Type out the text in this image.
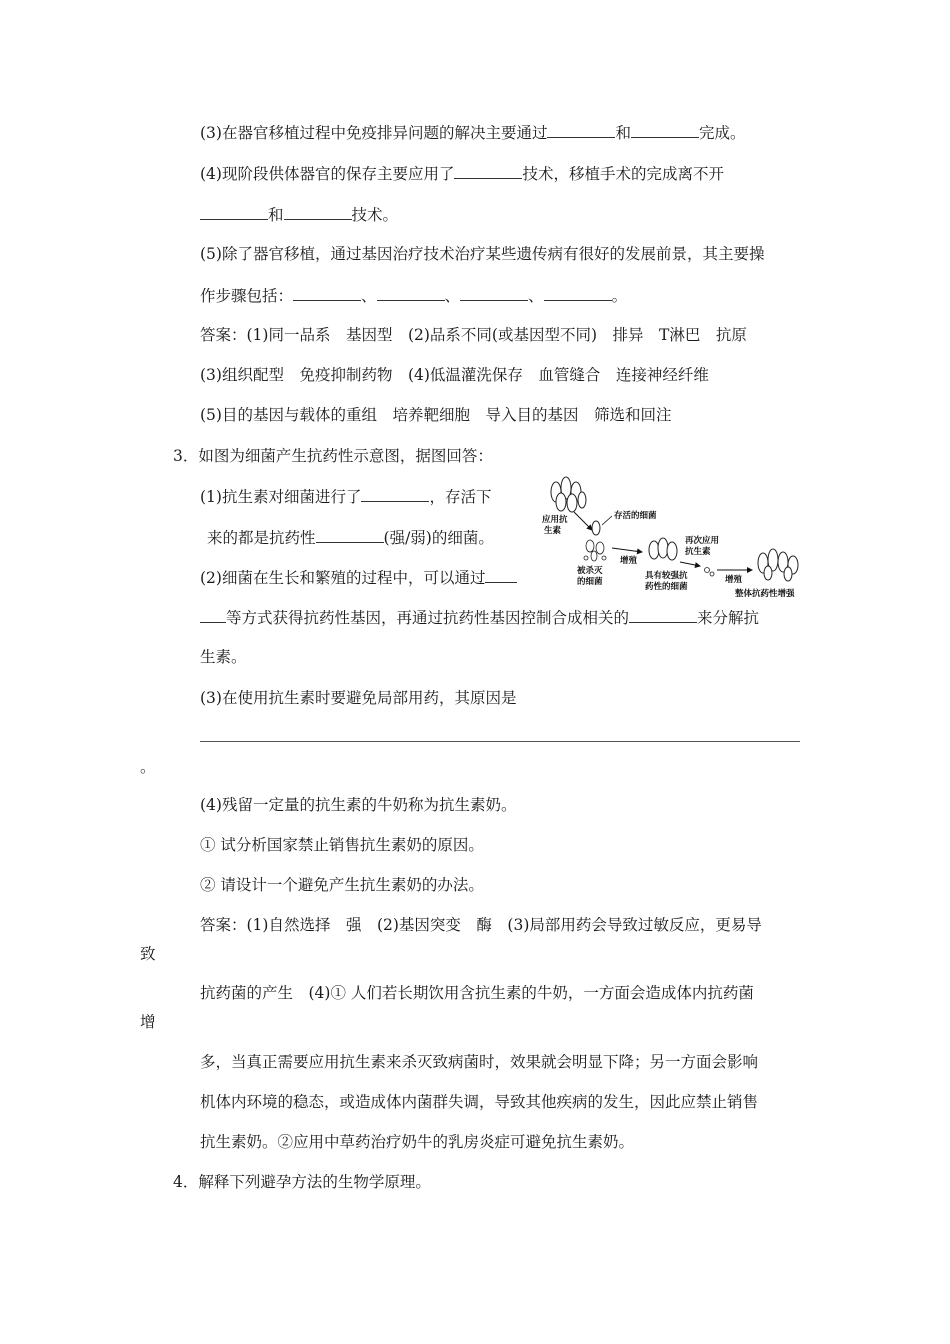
(3)在器官移植过程中免疫排异问题的解决主要通过	和	完成。
(4)现阶段供体器官的保存主要应用了	技术，移植手术的完成离不开
和	技术。
(5)除了器官移植，通过基因治疗技术治疗某些遗传病有很好的发展前景，其主要操
作步骤包括：	、	、	、	。
答案：(1)同一品系　基因型　(2)品系不同(或基因型不同)　排异　T淋巴　抗原
(3)组织配型　免疫抑制药物　(4)低温灌洗保存　血管缝合　连接神经纤维
(5)目的基因与载体的重组　培养靶细胞　导入目的基因　筛选和回注
3．如图为细菌产生抗药性示意图，据图回答：
(1)抗生素对细菌进行了	，存活下
来的都是抗药性	(强/弱)的细菌。
(2)细菌在生长和繁殖的过程中，可以通过
等方式获得抗药性基因，再通过抗药性基因控制合成相关的	来分解抗
生素。
(3)在使用抗生素时要避免局部用药，其原因是
。
(4)残留一定量的抗生素的牛奶称为抗生素奶。
① 试分析国家禁止销售抗生素奶的原因。
② 请设计一个避免产生抗生素奶的办法。
答案：(1)自然选择　强　(2)基因突变　酶　(3)局部用药会导致过敏反应，更易导
致
抗药菌的产生　(4)① 人们若长期饮用含抗生素的牛奶，一方面会造成体内抗药菌
增
多，当真正需要应用抗生素来杀灭致病菌时，效果就会明显下降；另一方面会影响
机体内环境的稳态，或造成体内菌群失调，导致其他疾病的发生，因此应禁止销售
抗生素奶。②应用中草药治疗奶牛的乳房炎症可避免抗生素奶。
4．解释下列避孕方法的生物学原理。
应用抗
生素
存活的细菌
被杀灭
的细菌
增殖
具有较强抗
药性的细菌
再次应用
抗生素
增殖
整体抗药性增强
